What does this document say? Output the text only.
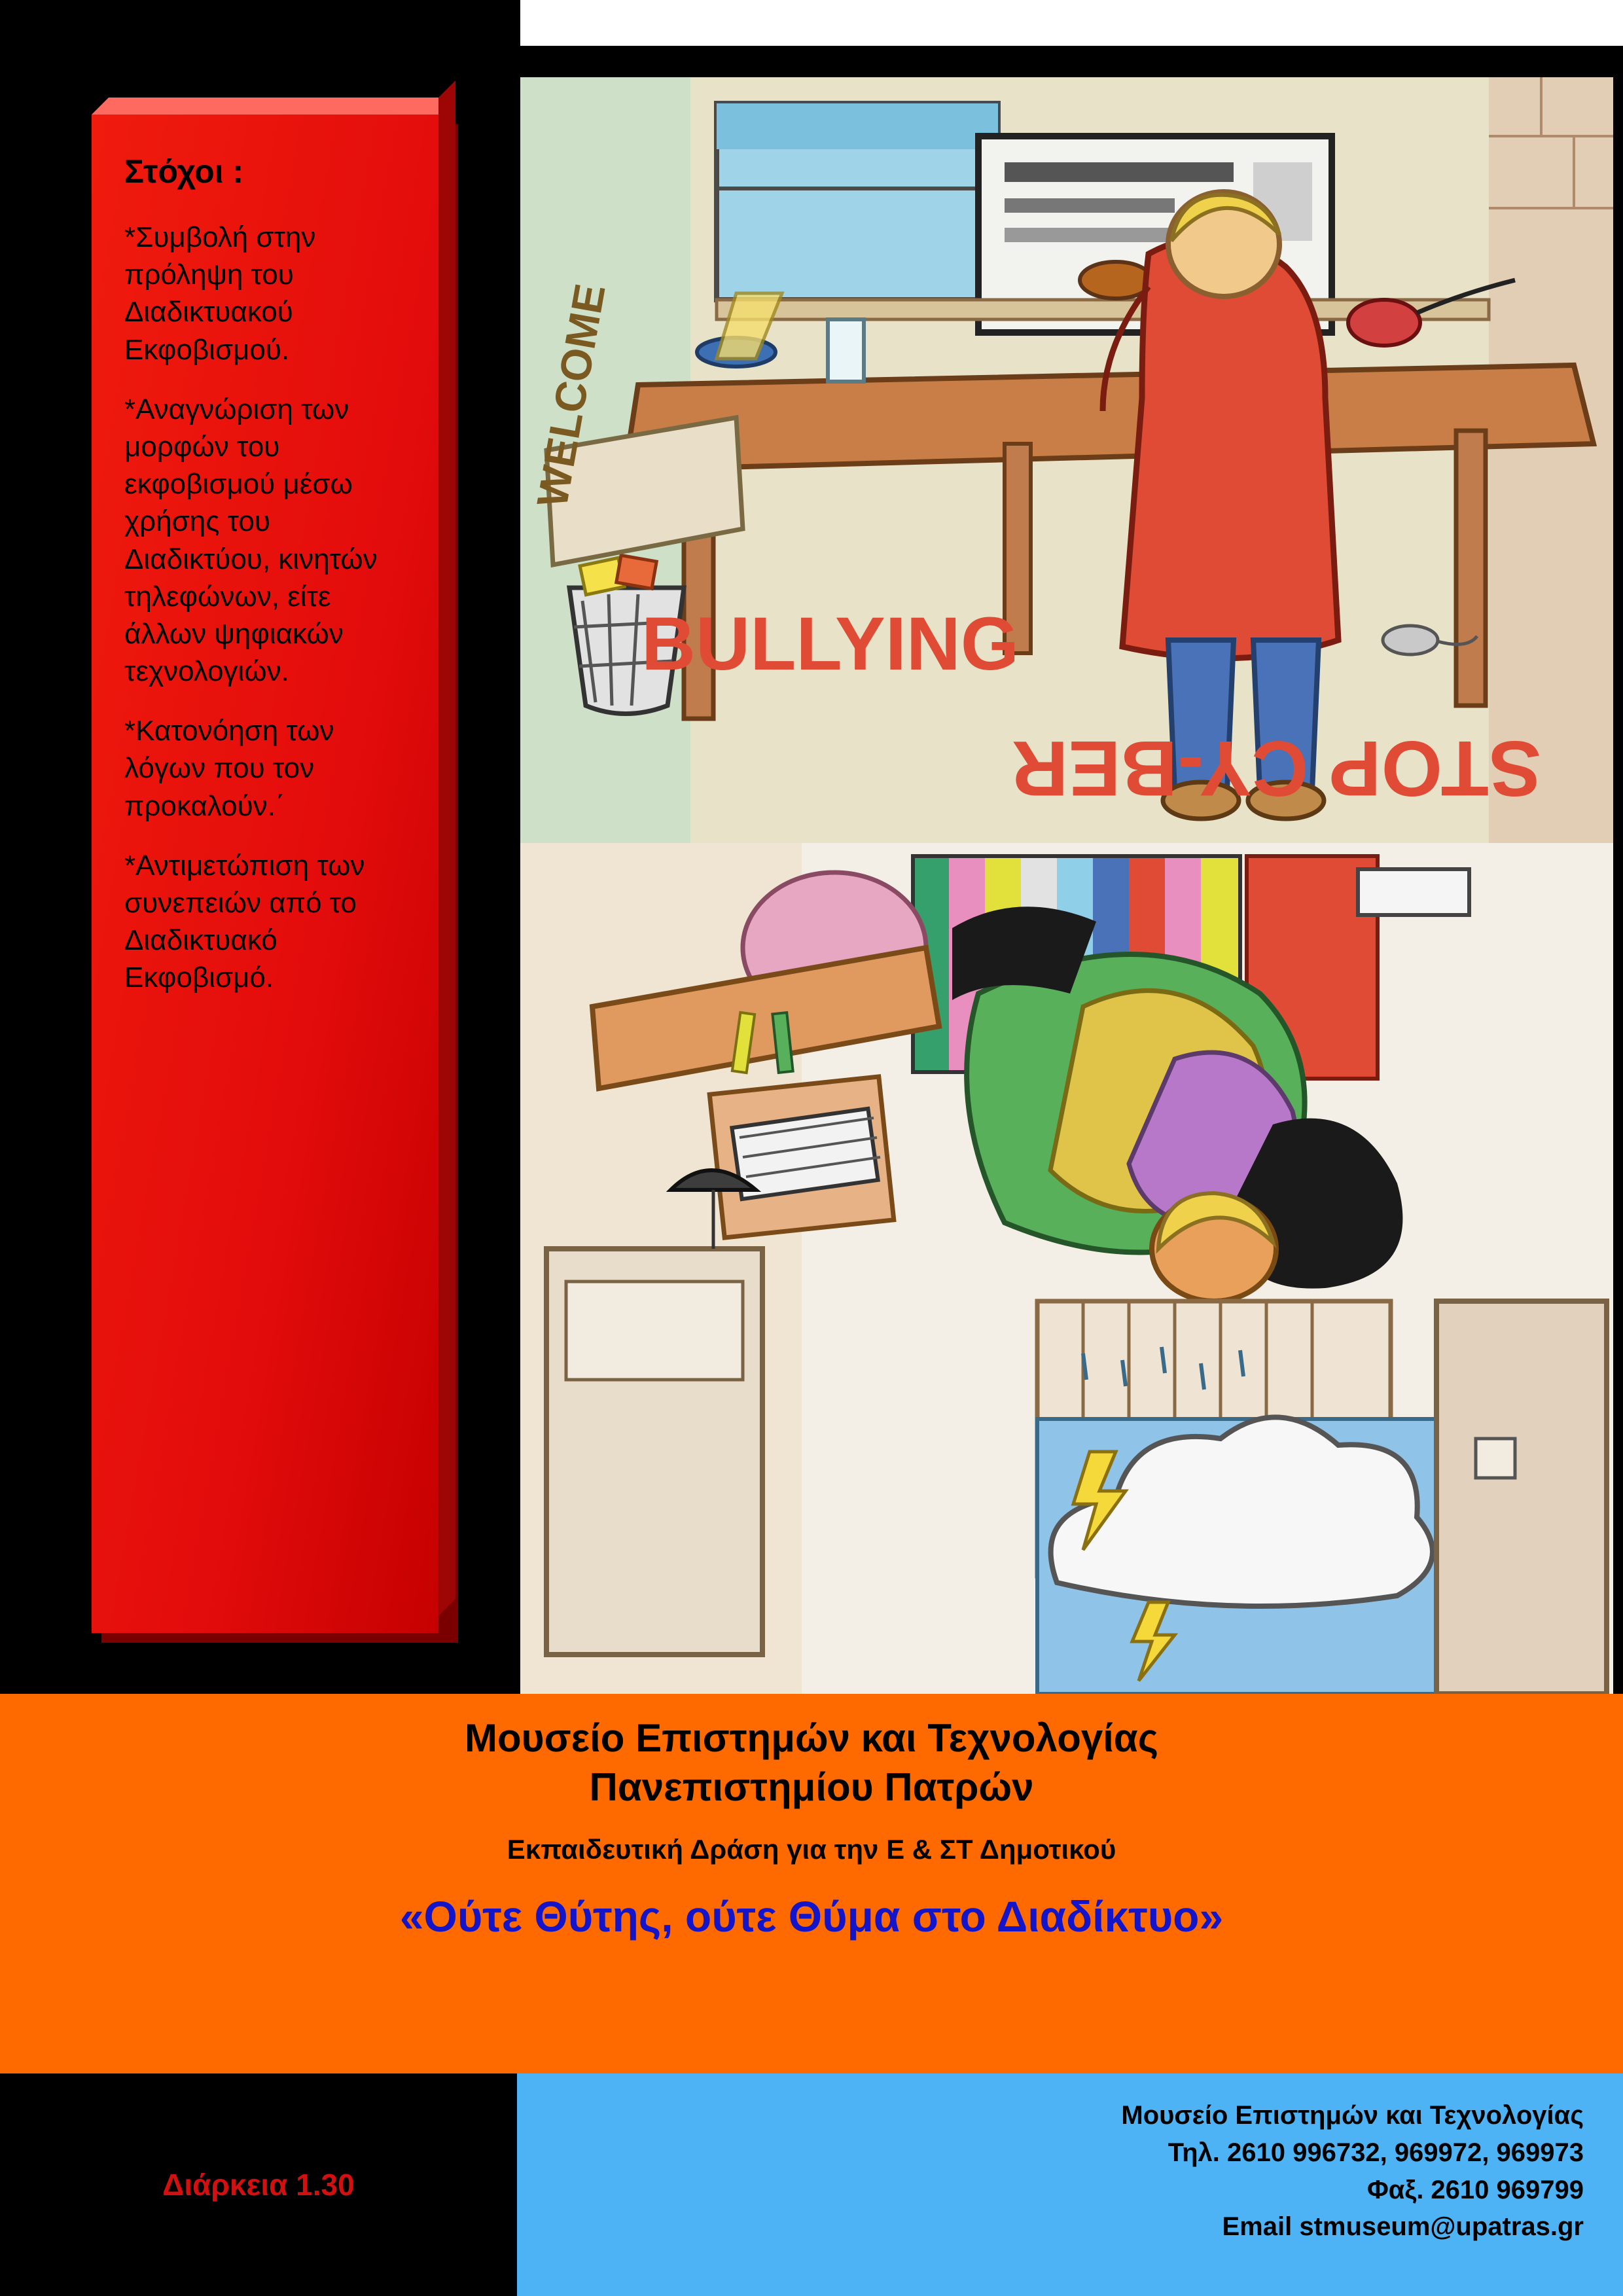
Στόχοι :

*Συμβολή στην πρόληψη του Διαδικτυακού Εκφοβισμού.

*Αναγνώριση των μορφών του εκφοβισμού μέσω χρήσης του Διαδικτύου, κινητών τηλεφώνων, είτε άλλων ψηφιακών τεχνολογιών.

*Κατονόηση των λόγων που τον προκαλούν.΄

*Αντιμετώπιση των συνεπειών από το Διαδικτυακό Εκφοβισμό.

WELCOME
BULLYING
STOP CY-BER

Μουσείο Επιστημών και Τεχνολογίας

Πανεπιστημίου Πατρών

Εκπαιδευτική Δράση για την Ε & ΣΤ Δημοτικού

«Ούτε Θύτης, ούτε Θύμα στο Διαδίκτυο»

Διάρκεια 1.30

Μουσείο Επιστημών και Τεχνολογίας

Τηλ. 2610 996732, 969972, 969973

Φαξ. 2610 969799

Email stmuseum@upatras.gr
